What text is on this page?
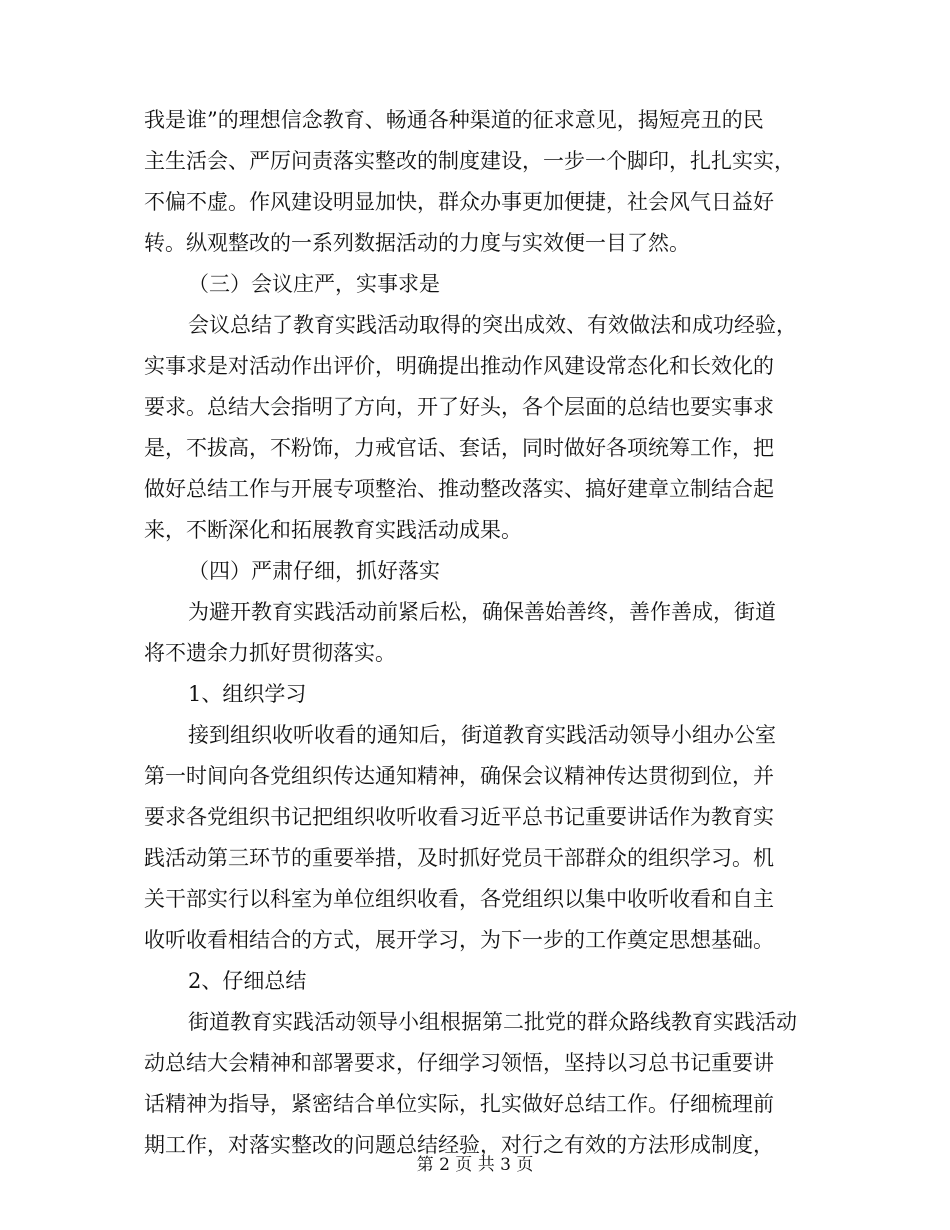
我是谁”的理想信念教育、畅通各种渠道的征求意见，揭短亮丑的民
主生活会、严厉问责落实整改的制度建设，一步一个脚印，扎扎实实，
不偏不虚。作风建设明显加快，群众办事更加便捷，社会风气日益好
转。纵观整改的一系列数据活动的力度与实效便一目了然。
（三）会议庄严，实事求是
会议总结了教育实践活动取得的突出成效、有效做法和成功经验，
实事求是对活动作出评价，明确提出推动作风建设常态化和长效化的
要求。总结大会指明了方向，开了好头，各个层面的总结也要实事求
是，不拔高，不粉饰，力戒官话、套话，同时做好各项统筹工作，把
做好总结工作与开展专项整治、推动整改落实、搞好建章立制结合起
来，不断深化和拓展教育实践活动成果。
（四）严肃仔细，抓好落实
为避开教育实践活动前紧后松，确保善始善终，善作善成，街道
将不遗余力抓好贯彻落实。
1、组织学习
接到组织收听收看的通知后，街道教育实践活动领导小组办公室
第一时间向各党组织传达通知精神，确保会议精神传达贯彻到位，并
要求各党组织书记把组织收听收看习近平总书记重要讲话作为教育实
践活动第三环节的重要举措，及时抓好党员干部群众的组织学习。机
关干部实行以科室为单位组织收看，各党组织以集中收听收看和自主
收听收看相结合的方式，展开学习，为下一步的工作奠定思想基础。
2、仔细总结
街道教育实践活动领导小组根据第二批党的群众路线教育实践活动
动总结大会精神和部署要求，仔细学习领悟，坚持以习总书记重要讲
话精神为指导，紧密结合单位实际，扎实做好总结工作。仔细梳理前
期工作，对落实整改的问题总结经验，对行之有效的方法形成制度，
第 2 页 共 3 页
